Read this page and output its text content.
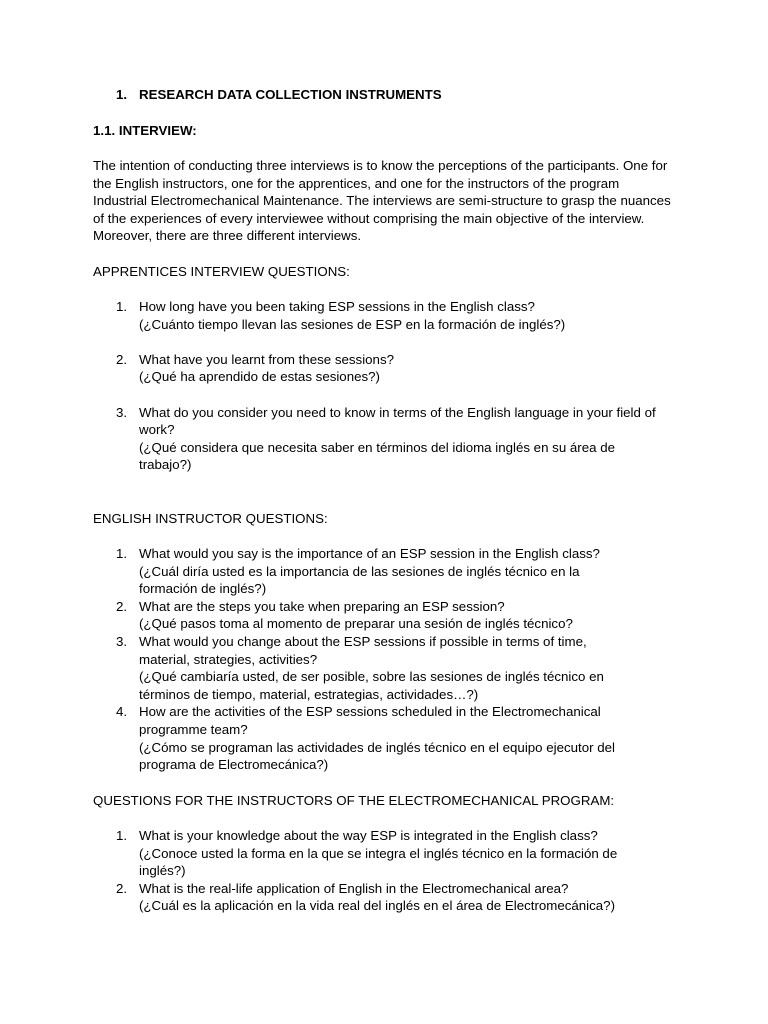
1. RESEARCH DATA COLLECTION INSTRUMENTS
1.1. INTERVIEW:
The intention of conducting three interviews is to know the perceptions of the participants. One for the English instructors, one for the apprentices, and one for the instructors of the program Industrial Electromechanical Maintenance. The interviews are semi-structure to grasp the nuances of the experiences of every interviewee without comprising the main objective of the interview. Moreover, there are three different interviews.
APPRENTICES INTERVIEW QUESTIONS:
1. How long have you been taking ESP sessions in the English class?
(¿Cuánto tiempo llevan las sesiones de ESP en la formación de inglés?)
2. What have you learnt from these sessions?
(¿Qué ha aprendido de estas sesiones?)
3. What do you consider you need to know in terms of the English language in your field of work?
(¿Qué considera que necesita saber en términos del idioma inglés en su área de trabajo?)
ENGLISH INSTRUCTOR QUESTIONS:
1. What would you say is the importance of an ESP session in the English class?
(¿Cuál diría usted es la importancia de las sesiones de inglés técnico en la formación de inglés?)
2. What are the steps you take when preparing an ESP session?
(¿Qué pasos toma al momento de preparar una sesión de inglés técnico?
3. What would you change about the ESP sessions if possible in terms of time, material, strategies, activities?
(¿Qué cambiaría usted, de ser posible, sobre las sesiones de inglés técnico en términos de tiempo, material, estrategias, actividades…?)
4. How are the activities of the ESP sessions scheduled in the Electromechanical programme team?
(¿Cómo se programan las actividades de inglés técnico en el equipo ejecutor del programa de Electromecánica?)
QUESTIONS FOR THE INSTRUCTORS OF THE ELECTROMECHANICAL PROGRAM:
1. What is your knowledge about the way ESP is integrated in the English class?
(¿Conoce usted la forma en la que se integra el inglés técnico en la formación de inglés?)
2. What is the real-life application of English in the Electromechanical area?
(¿Cuál es la aplicación en la vida real del inglés en el área de Electromecánica?)
